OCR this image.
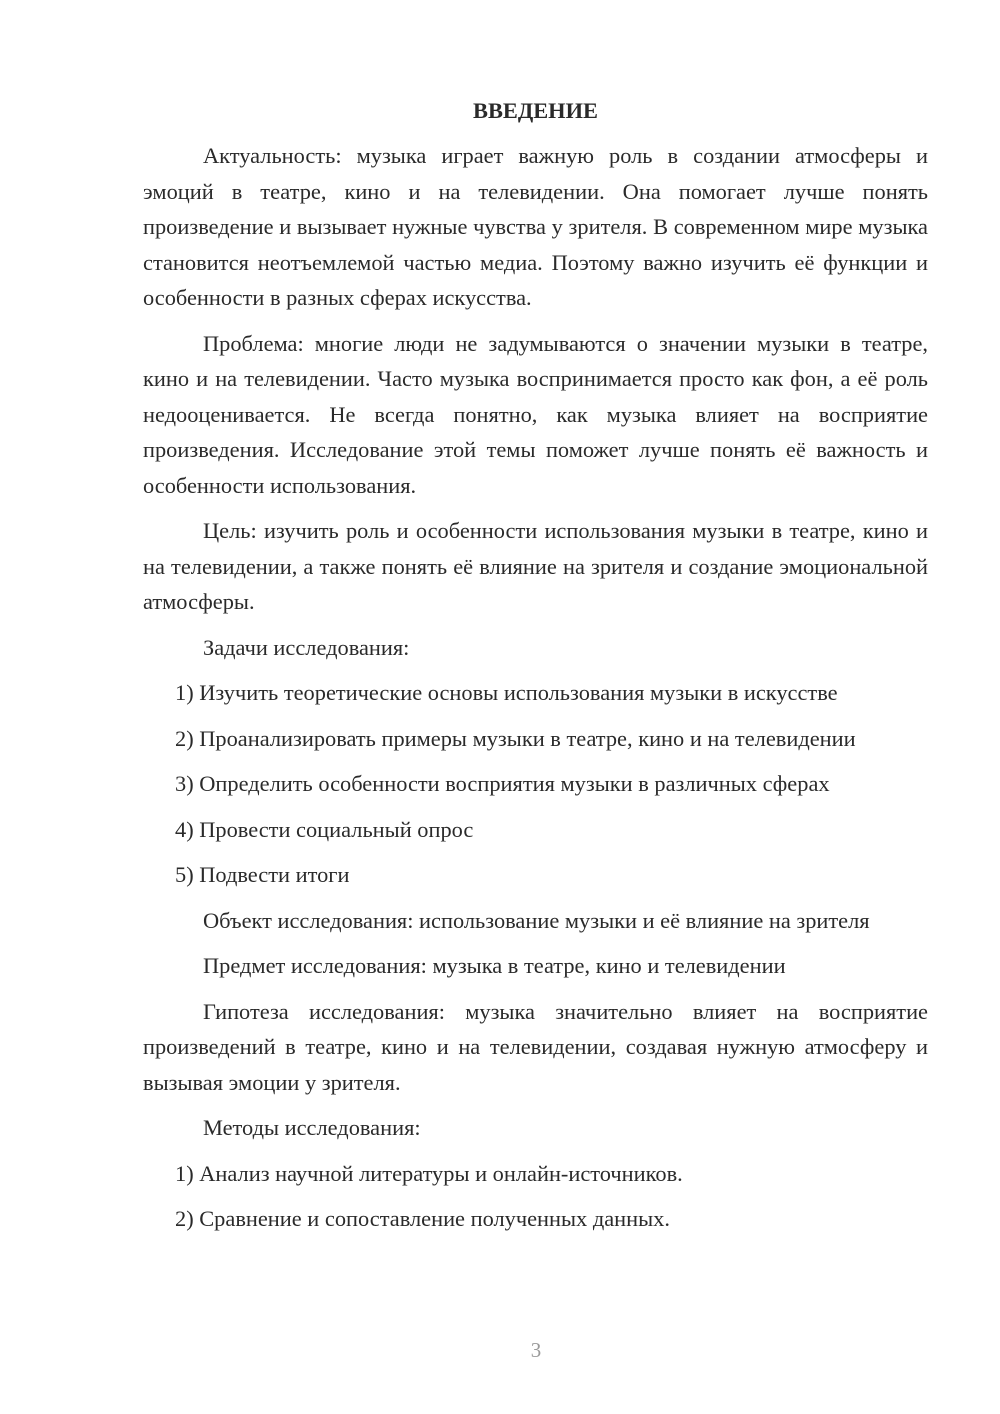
ВВЕДЕНИЕ

Актуальность: музыка играет важную роль в создании атмосферы и эмоций в театре, кино и на телевидении. Она помогает лучше понять произведение и вызывает нужные чувства у зрителя. В современном мире музыка становится неотъемлемой частью медиа. Поэтому важно изучить её функции и особенности в разных сферах искусства.

Проблема: многие люди не задумываются о значении музыки в театре, кино и на телевидении. Часто музыка воспринимается просто как фон, а её роль недооценивается. Не всегда понятно, как музыка влияет на восприятие произведения. Исследование этой темы поможет лучше понять её важность и особенности использования.

Цель: изучить роль и особенности использования музыки в театре, кино и на телевидении, а также понять её влияние на зрителя и создание эмоциональной атмосферы.

Задачи исследования:

1) Изучить теоретические основы использования музыки в искусстве

2) Проанализировать примеры музыки в театре, кино и на телевидении

3) Определить особенности восприятия музыки в различных сферах

4) Провести социальный опрос

5) Подвести итоги

Объект исследования: использование музыки и её влияние на зрителя

Предмет исследования: музыка в театре, кино и телевидении

Гипотеза исследования: музыка значительно влияет на восприятие произведений в театре, кино и на телевидении, создавая нужную атмосферу и вызывая эмоции у зрителя.

Методы исследования:

1) Анализ научной литературы и онлайн-источников.

2) Сравнение и сопоставление полученных данных.

3
